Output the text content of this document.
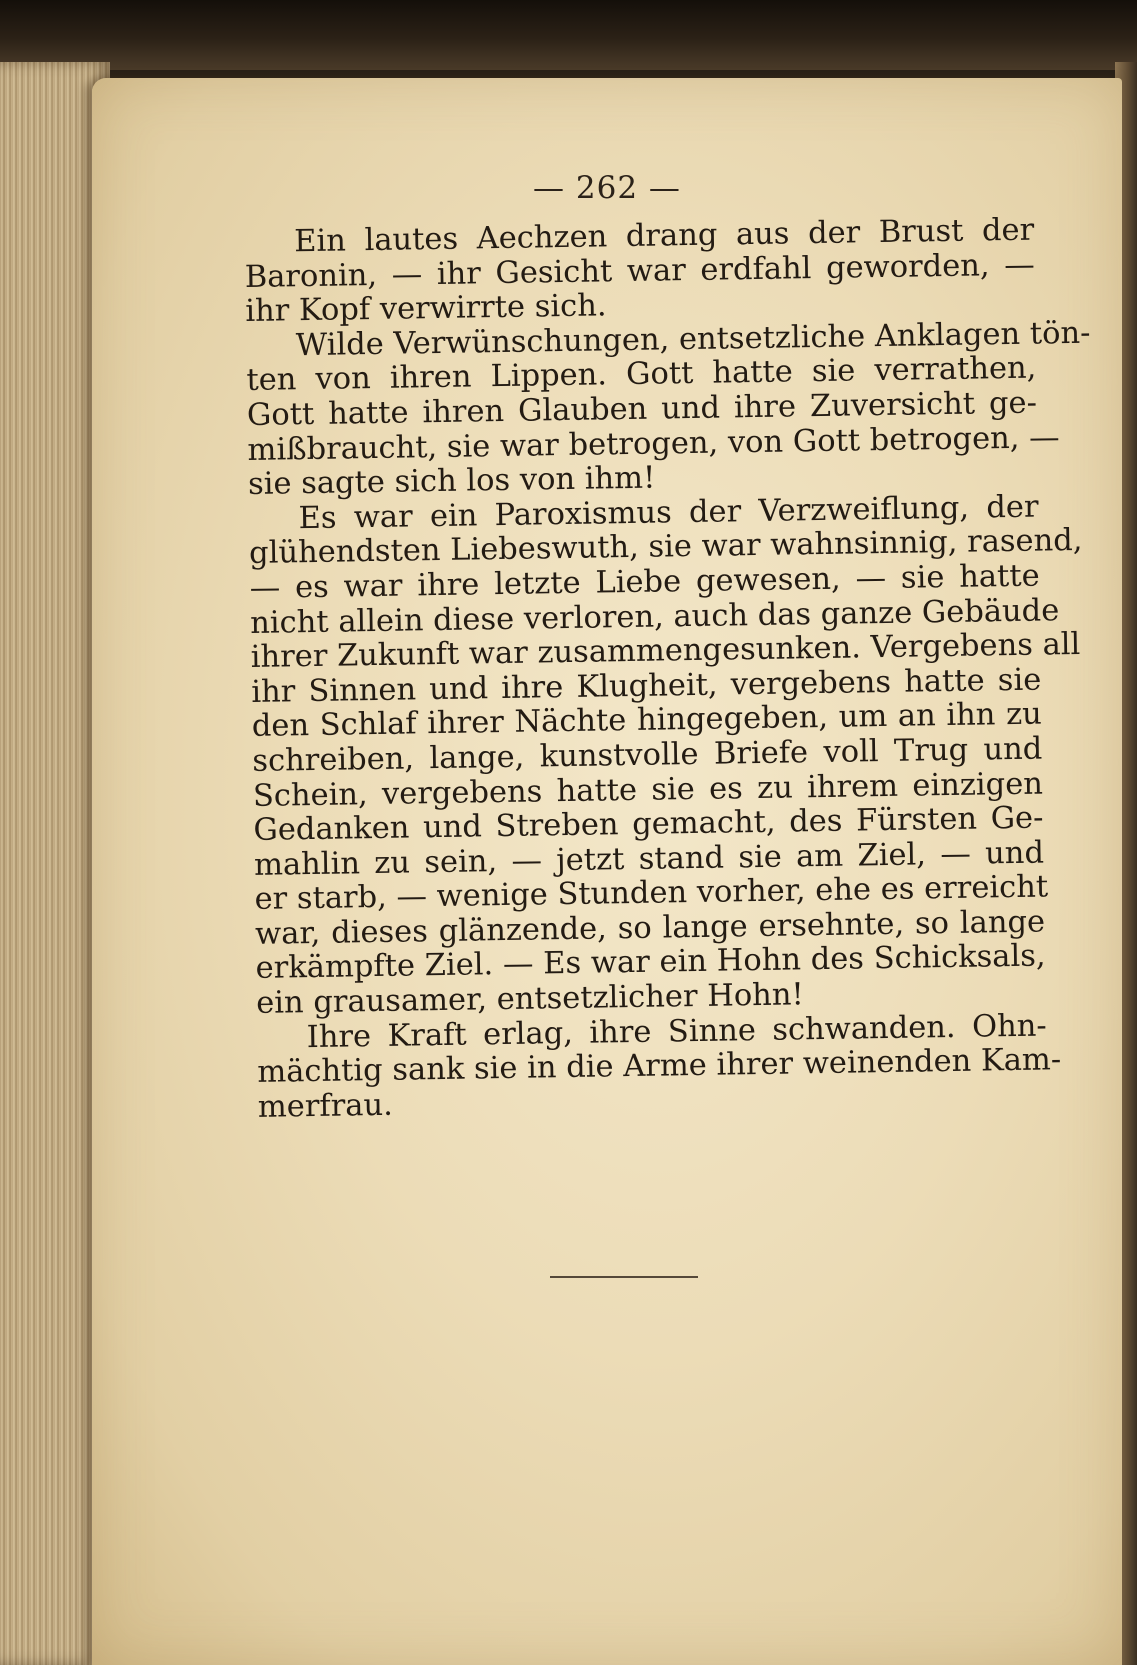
— 262 —
Ein lautes Aechzen drang aus der Brust der
Baronin, — ihr Gesicht war erdfahl geworden, —
ihr Kopf verwirrte sich.
Wilde Verwünschungen, entsetzliche Anklagen tön-
ten von ihren Lippen. Gott hatte sie verrathen,
Gott hatte ihren Glauben und ihre Zuversicht ge-
mißbraucht, sie war betrogen, von Gott betrogen, —
sie sagte sich los von ihm!
Es war ein Paroxismus der Verzweiflung, der
glühendsten Liebeswuth, sie war wahnsinnig, rasend,
— es war ihre letzte Liebe gewesen, — sie hatte
nicht allein diese verloren, auch das ganze Gebäude
ihrer Zukunft war zusammengesunken. Vergebens all
ihr Sinnen und ihre Klugheit, vergebens hatte sie
den Schlaf ihrer Nächte hingegeben, um an ihn zu
schreiben, lange, kunstvolle Briefe voll Trug und
Schein, vergebens hatte sie es zu ihrem einzigen
Gedanken und Streben gemacht, des Fürsten Ge-
mahlin zu sein, — jetzt stand sie am Ziel, — und
er starb, — wenige Stunden vorher, ehe es erreicht
war, dieses glänzende, so lange ersehnte, so lange
erkämpfte Ziel. — Es war ein Hohn des Schicksals,
ein grausamer, entsetzlicher Hohn!
Ihre Kraft erlag, ihre Sinne schwanden. Ohn-
mächtig sank sie in die Arme ihrer weinenden Kam-
merfrau.
